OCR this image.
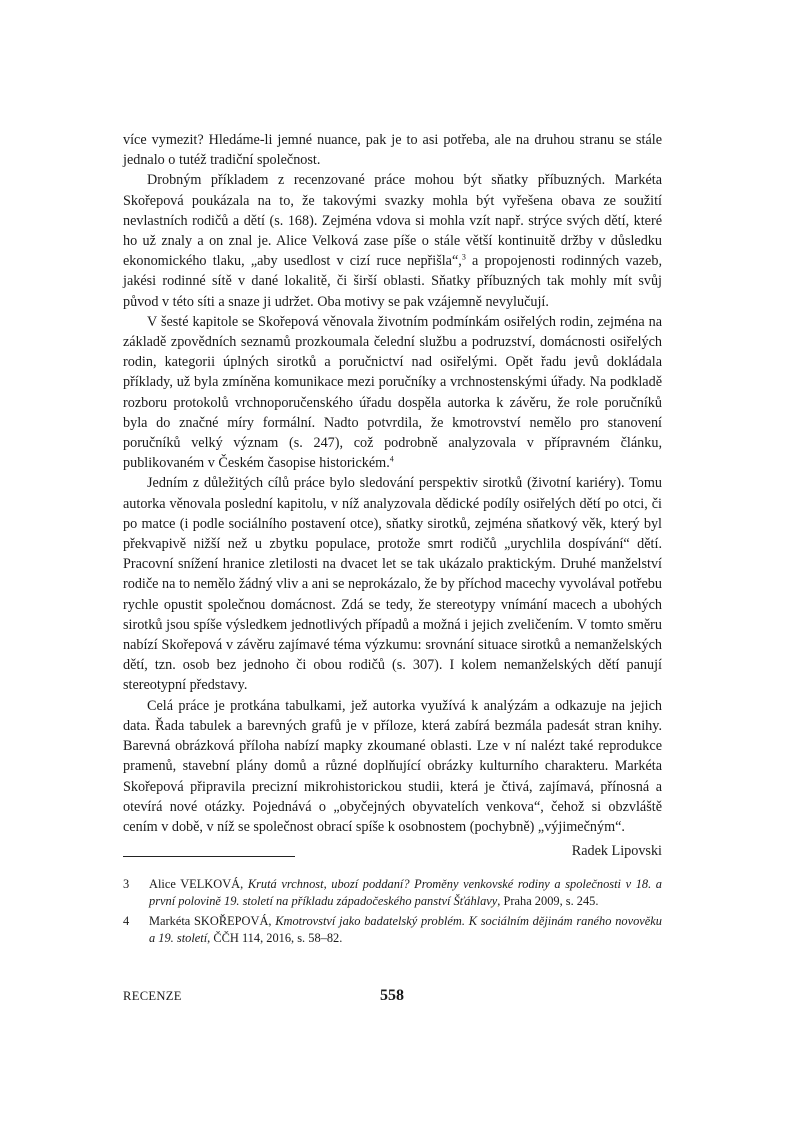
více vymezit? Hledáme-li jemné nuance, pak je to asi potřeba, ale na druhou stranu se stále jednalo o tutéž tradiční společnost.

Drobným příkladem z recenzované práce mohou být sňatky příbuzných. Markéta Skořepová poukázala na to, že takovými svazky mohla být vyřešena obava ze soužití nevlastních rodičů a dětí (s. 168). Zejména vdova si mohla vzít např. strýce svých dětí, které ho už znaly a on znal je. Alice Velková zase píše o stále větší kontinuitě držby v důsledku ekonomického tlaku, „aby usedlost v cizí ruce nepřišla“,$^3$ a propojenosti rodinných vazeb, jakési rodinné sítě v dané lokalitě, či širší oblasti. Sňatky příbuzných tak mohly mít svůj původ v této síti a snaze ji udržet. Oba motivy se pak vzájemně nevylučují.

V šesté kapitole se Skořepová věnovala životním podmínkám osiřelých rodin, zejména na základě zpovědních seznamů prozkoumala čelední službu a podruzství, domácnosti osiřelých rodin, kategorii úplných sirotků a poručnictví nad osiřelými. Opět řadu jevů dokládala příklady, už byla zmíněna komunikace mezi poručníky a vrchnostenskými úřady. Na podkladě rozboru protokolů vrchnoporučenského úřadu dospěla autorka k závěru, že role poručníků byla do značné míry formální. Nadto potvrdila, že kmotrovství nemělo pro stanovení poručníků velký význam (s. 247), což podrobně analyzovala v přípravném článku, publikovaném v Českém časopise historickém.$^4$

Jedním z důležitých cílů práce bylo sledování perspektiv sirotků (životní kariéry). Tomu autorka věnovala poslední kapitolu, v níž analyzovala dědické podíly osiřelých dětí po otci, či po matce (i podle sociálního postavení otce), sňatky sirotků, zejména sňatkový věk, který byl překvapivě nižší než u zbytku populace, protože smrt rodičů „urychlila dospívání“ dětí. Pracovní snížení hranice zletilosti na dvacet let se tak ukázalo praktickým. Druhé manželství rodiče na to nemělo žádný vliv a ani se neprokázalo, že by příchod macechy vyvolával potřebu rychle opustit společnou domácnost. Zdá se tedy, že stereotypy vnímání macech a ubohých sirotků jsou spíše výsledkem jednotlivých případů a možná i jejich zveličením. V tomto směru nabízí Skořepová v závěru zajímavé téma výzkumu: srovnání situace sirotků a nemanželských dětí, tzn. osob bez jednoho či obou rodičů (s. 307). I kolem nemanželských dětí panují stereotypní představy.

Celá práce je protkána tabulkami, jež autorka využívá k analýzám a odkazuje na jejich data. Řada tabulek a barevných grafů je v příloze, která zabírá bezmála padesát stran knihy. Barevná obrázková příloha nabízí mapky zkoumané oblasti. Lze v ní nalézt také reprodukce pramenů, stavební plány domů a různé doplňující obrázky kulturního charakteru. Markéta Skořepová připravila precizní mikrohistorickou studii, která je čtivá, zajímavá, přínosná a otevírá nové otázky. Pojednává o „obyčejných obyvatelích venkova“, čehož si obzvláště cením v době, v níž se společnost obrací spíše k osobnostem (pochybně) „výjimečným“.

Radek Lipovski
3	Alice VELKOVÁ, Krutá vrchnost, ubozí poddaní? Proměny venkovské rodiny a společnosti v 18. a první polovině 19. století na příkladu západočeského panství Šťáhlavy, Praha 2009, s. 245.
4	Markéta SKOŘEPOVÁ, Kmotrovství jako badatelský problém. K sociálním dějinám raného novověku a 19. století, ČČH 114, 2016, s. 58–82.
RECENZE	558
